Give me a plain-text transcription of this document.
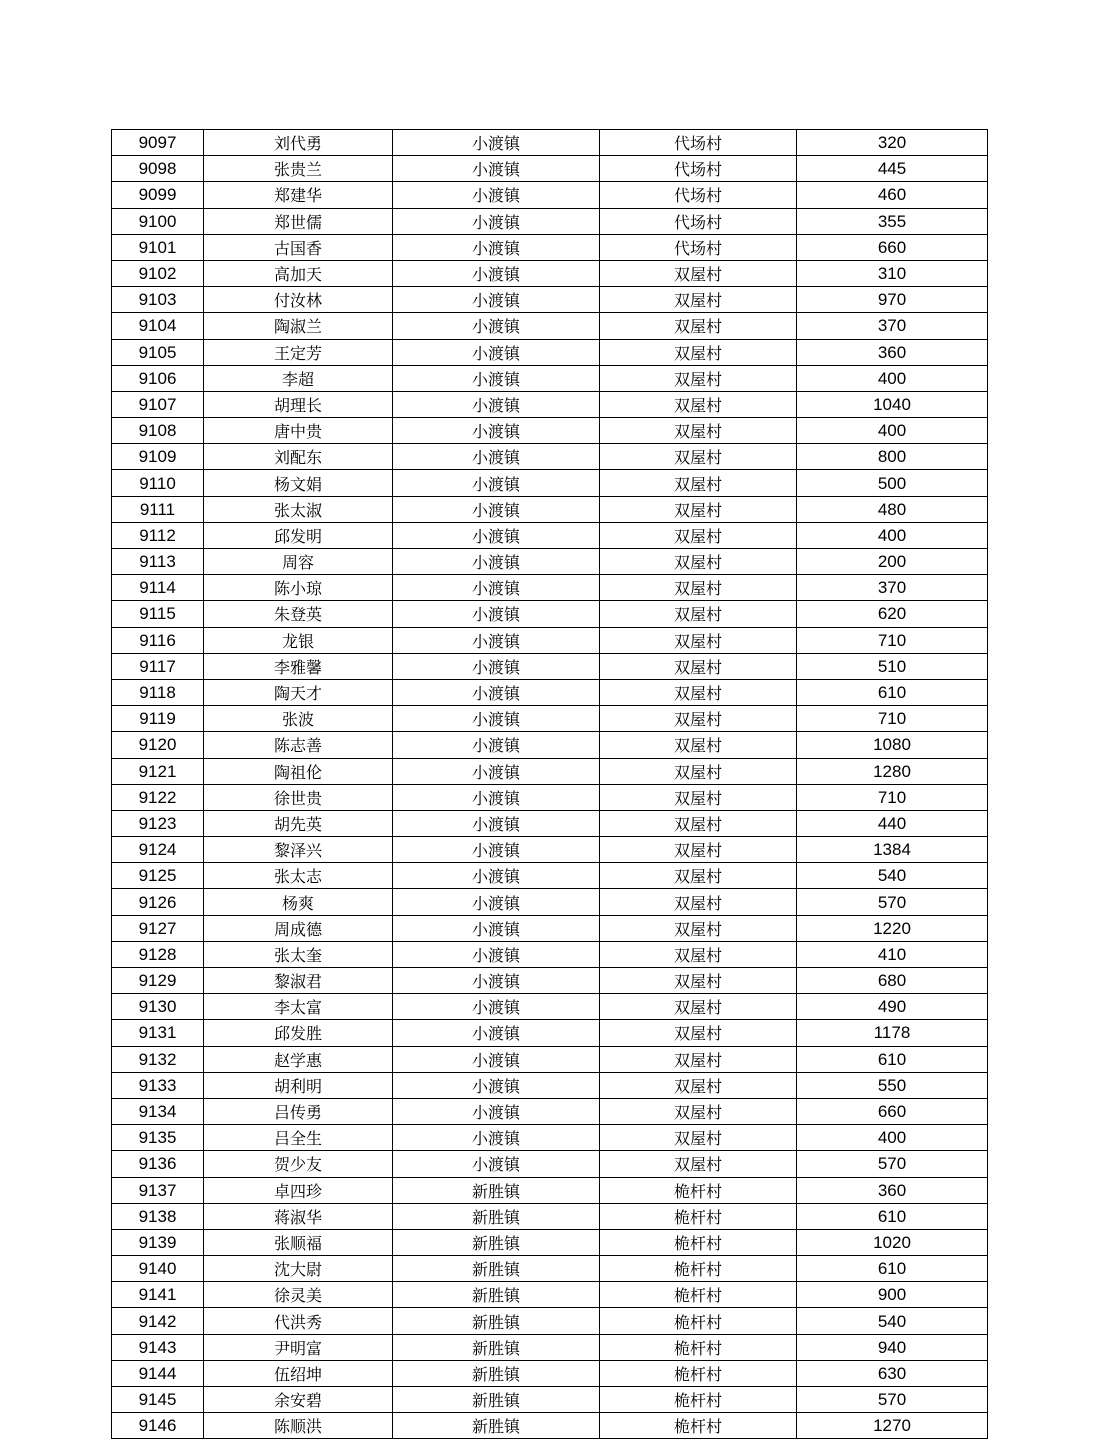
9097	刘代勇	小渡镇	代场村	320
9098	张贵兰	小渡镇	代场村	445
9099	郑建华	小渡镇	代场村	460
9100	郑世儒	小渡镇	代场村	355
9101	古国香	小渡镇	代场村	660
9102	高加天	小渡镇	双屋村	310
9103	付汝林	小渡镇	双屋村	970
9104	陶淑兰	小渡镇	双屋村	370
9105	王定芳	小渡镇	双屋村	360
9106	李超	小渡镇	双屋村	400
9107	胡理长	小渡镇	双屋村	1040
9108	唐中贵	小渡镇	双屋村	400
9109	刘配东	小渡镇	双屋村	800
9110	杨文娟	小渡镇	双屋村	500
9111	张太淑	小渡镇	双屋村	480
9112	邱发明	小渡镇	双屋村	400
9113	周容	小渡镇	双屋村	200
9114	陈小琼	小渡镇	双屋村	370
9115	朱登英	小渡镇	双屋村	620
9116	龙银	小渡镇	双屋村	710
9117	李雅馨	小渡镇	双屋村	510
9118	陶天才	小渡镇	双屋村	610
9119	张波	小渡镇	双屋村	710
9120	陈志善	小渡镇	双屋村	1080
9121	陶祖伦	小渡镇	双屋村	1280
9122	徐世贵	小渡镇	双屋村	710
9123	胡先英	小渡镇	双屋村	440
9124	黎泽兴	小渡镇	双屋村	1384
9125	张太志	小渡镇	双屋村	540
9126	杨爽	小渡镇	双屋村	570
9127	周成德	小渡镇	双屋村	1220
9128	张太奎	小渡镇	双屋村	410
9129	黎淑君	小渡镇	双屋村	680
9130	李太富	小渡镇	双屋村	490
9131	邱发胜	小渡镇	双屋村	1178
9132	赵学惠	小渡镇	双屋村	610
9133	胡利明	小渡镇	双屋村	550
9134	吕传勇	小渡镇	双屋村	660
9135	吕全生	小渡镇	双屋村	400
9136	贺少友	小渡镇	双屋村	570
9137	卓四珍	新胜镇	桅杆村	360
9138	蒋淑华	新胜镇	桅杆村	610
9139	张顺福	新胜镇	桅杆村	1020
9140	沈大尉	新胜镇	桅杆村	610
9141	徐灵美	新胜镇	桅杆村	900
9142	代洪秀	新胜镇	桅杆村	540
9143	尹明富	新胜镇	桅杆村	940
9144	伍绍坤	新胜镇	桅杆村	630
9145	余安碧	新胜镇	桅杆村	570
9146	陈顺洪	新胜镇	桅杆村	1270
